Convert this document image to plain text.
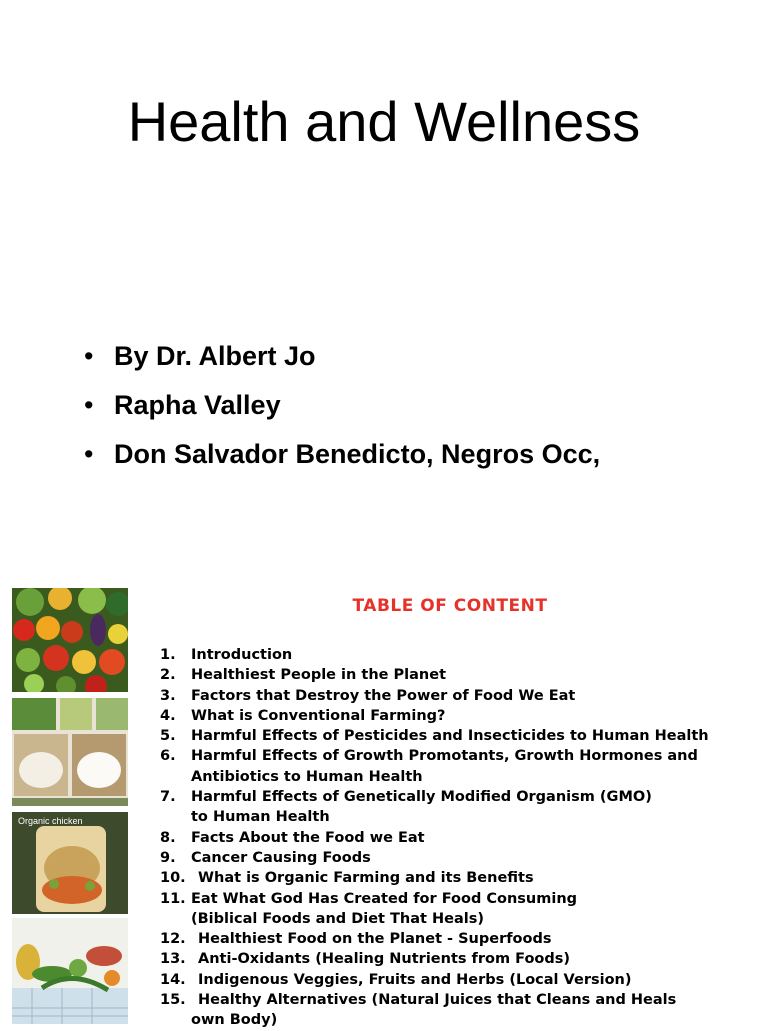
Health and Wellness
• By Dr. Albert Jo
• Rapha Valley
• Don Salvador Benedicto, Negros Occ,
Organic chicken
TABLE OF CONTENT
1. Introduction
2. Healthiest People in the Planet
3. Factors that Destroy the Power of Food We Eat
4. What is Conventional Farming?
5. Harmful Effects of Pesticides and Insecticides to Human Health
6. Harmful Effects of Growth Promotants, Growth Hormones and
Antibiotics to Human Health
7. Harmful Effects of Genetically Modified Organism (GMO)
to Human Health
8. Facts About the Food we Eat
9. Cancer Causing Foods
10. What is Organic Farming and its Benefits
11. Eat What God Has Created for Food Consuming
(Biblical Foods and Diet That Heals)
12. Healthiest Food on the Planet - Superfoods
13. Anti-Oxidants (Healing Nutrients from Foods)
14. Indigenous Veggies, Fruits and Herbs (Local Version)
15. Healthy Alternatives (Natural Juices that Cleans and Heals
own Body)
